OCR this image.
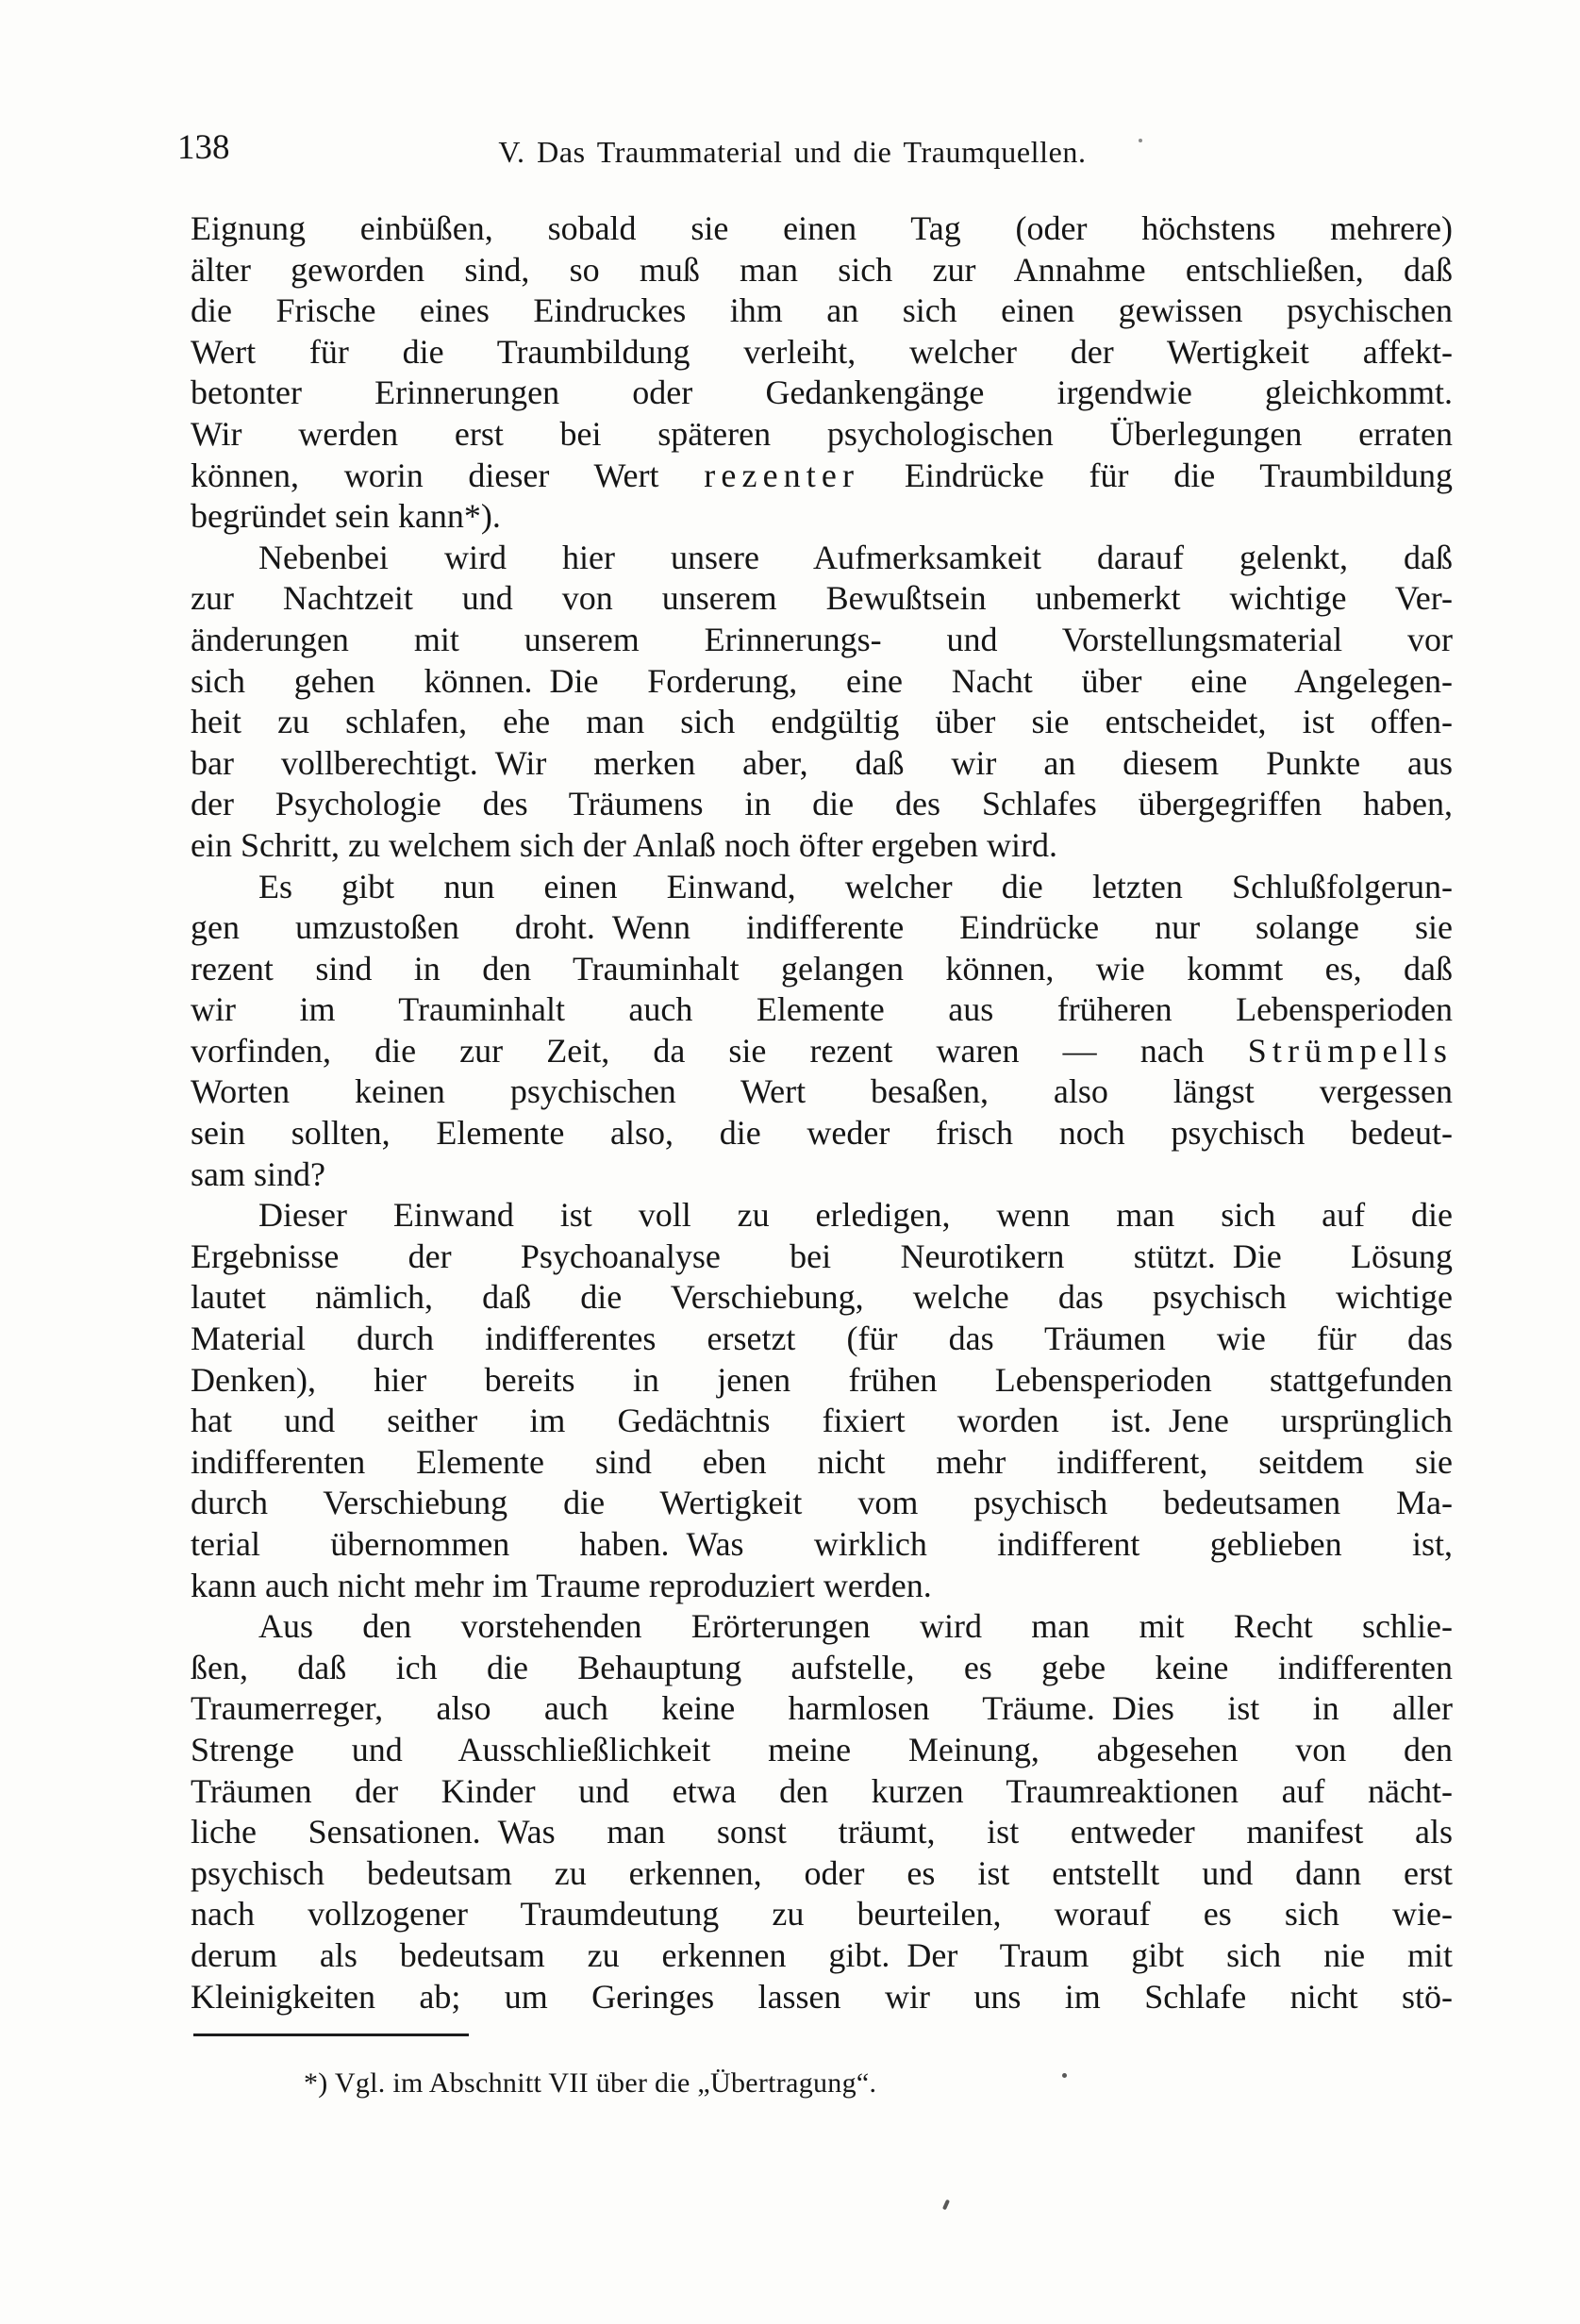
138	V. Das Traummaterial und die Traumquellen.
Eignung einbüßen, sobald sie einen Tag (oder höchstens mehrere)
älter geworden sind, so muß man sich zur Annahme entschließen, daß
die Frische eines Eindruckes ihm an sich einen gewissen psychischen
Wert für die Traumbildung verleiht, welcher der Wertigkeit affekt-
betonter Erinnerungen oder Gedankengänge irgendwie gleichkommt.
Wir werden erst bei späteren psychologischen Überlegungen erraten
können, worin dieser Wert rezenter Eindrücke für die Traumbildung
begründet sein kann*).
Nebenbei wird hier unsere Aufmerksamkeit darauf gelenkt, daß
zur Nachtzeit und von unserem Bewußtsein unbemerkt wichtige Ver-
änderungen mit unserem Erinnerungs- und Vorstellungsmaterial vor
sich gehen können. Die Forderung, eine Nacht über eine Angelegen-
heit zu schlafen, ehe man sich endgültig über sie entscheidet, ist offen-
bar vollberechtigt. Wir merken aber, daß wir an diesem Punkte aus
der Psychologie des Träumens in die des Schlafes übergegriffen haben,
ein Schritt, zu welchem sich der Anlaß noch öfter ergeben wird.
Es gibt nun einen Einwand, welcher die letzten Schlußfolgerun-
gen umzustoßen droht. Wenn indifferente Eindrücke nur solange sie
rezent sind in den Trauminhalt gelangen können, wie kommt es, daß
wir im Trauminhalt auch Elemente aus früheren Lebensperioden
vorfinden, die zur Zeit, da sie rezent waren — nach Strümpells
Worten keinen psychischen Wert besaßen, also längst vergessen
sein sollten, Elemente also, die weder frisch noch psychisch bedeut-
sam sind?
Dieser Einwand ist voll zu erledigen, wenn man sich auf die
Ergebnisse der Psychoanalyse bei Neurotikern stützt. Die Lösung
lautet nämlich, daß die Verschiebung, welche das psychisch wichtige
Material durch indifferentes ersetzt (für das Träumen wie für das
Denken), hier bereits in jenen frühen Lebensperioden stattgefunden
hat und seither im Gedächtnis fixiert worden ist. Jene ursprünglich
indifferenten Elemente sind eben nicht mehr indifferent, seitdem sie
durch Verschiebung die Wertigkeit vom psychisch bedeutsamen Ma-
terial übernommen haben. Was wirklich indifferent geblieben ist,
kann auch nicht mehr im Traume reproduziert werden.
Aus den vorstehenden Erörterungen wird man mit Recht schlie-
ßen, daß ich die Behauptung aufstelle, es gebe keine indifferenten
Traumerreger, also auch keine harmlosen Träume. Dies ist in aller
Strenge und Ausschließlichkeit meine Meinung, abgesehen von den
Träumen der Kinder und etwa den kurzen Traumreaktionen auf nächt-
liche Sensationen. Was man sonst träumt, ist entweder manifest als
psychisch bedeutsam zu erkennen, oder es ist entstellt und dann erst
nach vollzogener Traumdeutung zu beurteilen, worauf es sich wie-
derum als bedeutsam zu erkennen gibt. Der Traum gibt sich nie mit
Kleinigkeiten ab; um Geringes lassen wir uns im Schlafe nicht stö-
*) Vgl. im Abschnitt VII über die „Übertragung“.
